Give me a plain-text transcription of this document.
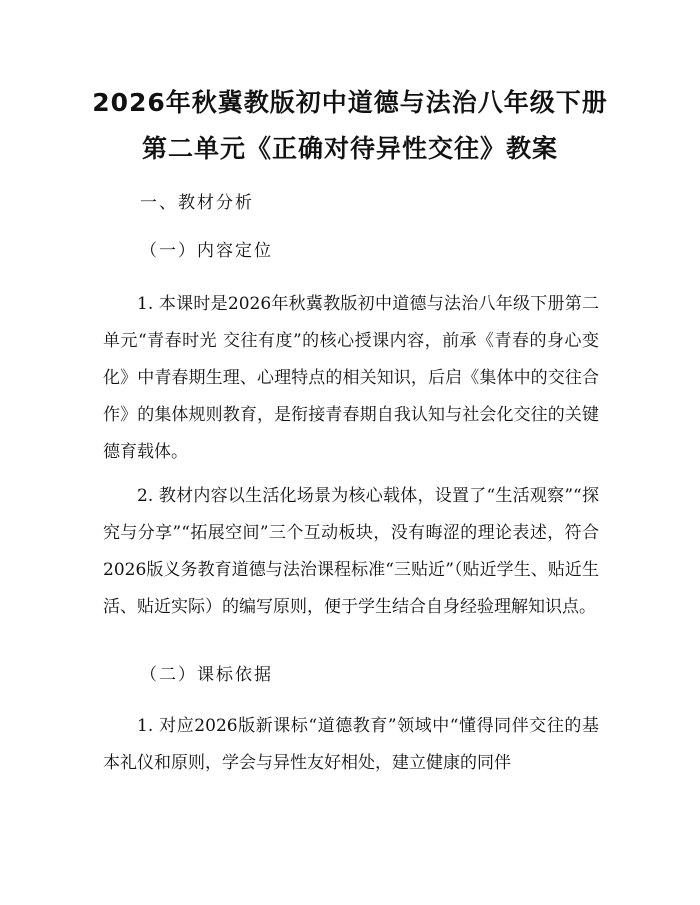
2026年秋冀教版初中道德与法治八年级下册
第二单元《正确对待异性交往》教案
一、教材分析
（一）内容定位
1. 本课时是2026年秋冀教版初中道德与法治八年级下册第二单元“青春时光 交往有度”的核心授课内容，前承《青春的身心变化》中青春期生理、心理特点的相关知识，后启《集体中的交往合作》的集体规则教育，是衔接青春期自我认知与社会化交往的关键德育载体。
2. 教材内容以生活化场景为核心载体，设置了“生活观察”“探究与分享”“拓展空间”三个互动板块，没有晦涩的理论表述，符合2026版义务教育道德与法治课程标准“三贴近”（贴近学生、贴近生活、贴近实际）的编写原则，便于学生结合自身经验理解知识点。
（二）课标依据
1. 对应2026版新课标“道德教育”领域中“懂得同伴交往的基本礼仪和原则，学会与异性友好相处，建立健康的同伴
